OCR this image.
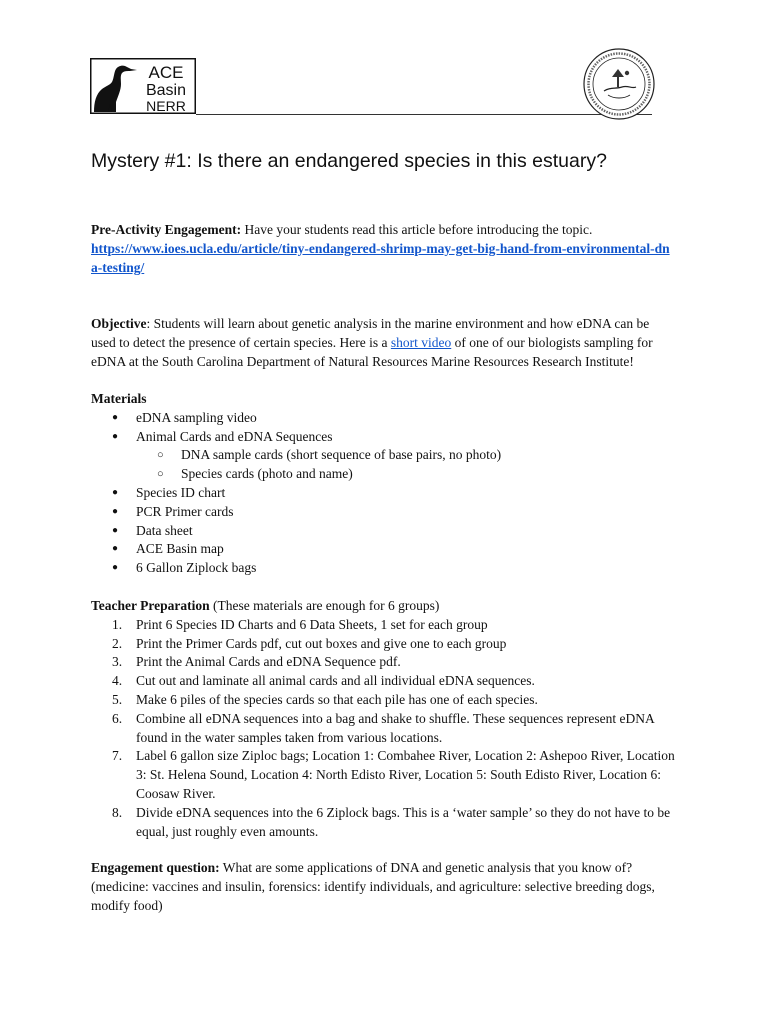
ACE
Basin
NERR
Mystery #1: Is there an endangered species in this estuary?

Pre-Activity Engagement: Have your students read this article before introducing the topic.

https://www.ioes.ucla.edu/article/tiny-endangered-shrimp-may-get-big-hand-from-environmental-dna-testing/

Objective: Students will learn about genetic analysis in the marine environment and how eDNA can be used to detect the presence of certain species. Here is a short video of one of our biologists sampling for eDNA at the South Carolina Department of Natural Resources Marine Resources Research Institute!

Materials

● eDNA sampling video
● Animal Cards and eDNA Sequences
○ DNA sample cards (short sequence of base pairs, no photo)
○ Species cards (photo and name)
● Species ID chart
● PCR Primer cards
● Data sheet
● ACE Basin map
● 6 Gallon Ziplock bags

Teacher Preparation (These materials are enough for 6 groups)

1. Print 6 Species ID Charts and 6 Data Sheets, 1 set for each group
2. Print the Primer Cards pdf, cut out boxes and give one to each group
3. Print the Animal Cards and eDNA Sequence pdf.
4. Cut out and laminate all animal cards and all individual eDNA sequences.
5. Make 6 piles of the species cards so that each pile has one of each species.
6. Combine all eDNA sequences into a bag and shake to shuffle. These sequences represent eDNA found in the water samples taken from various locations.
7. Label 6 gallon size Ziploc bags; Location 1: Combahee River, Location 2: Ashepoo River, Location 3: St. Helena Sound, Location 4: North Edisto River, Location 5: South Edisto River, Location 6: Coosaw River.
8. Divide eDNA sequences into the 6 Ziplock bags. This is a ‘water sample’ so they do not have to be equal, just roughly even amounts.

Engagement question: What are some applications of DNA and genetic analysis that you know of? (medicine: vaccines and insulin, forensics: identify individuals, and agriculture: selective breeding dogs, modify food)
